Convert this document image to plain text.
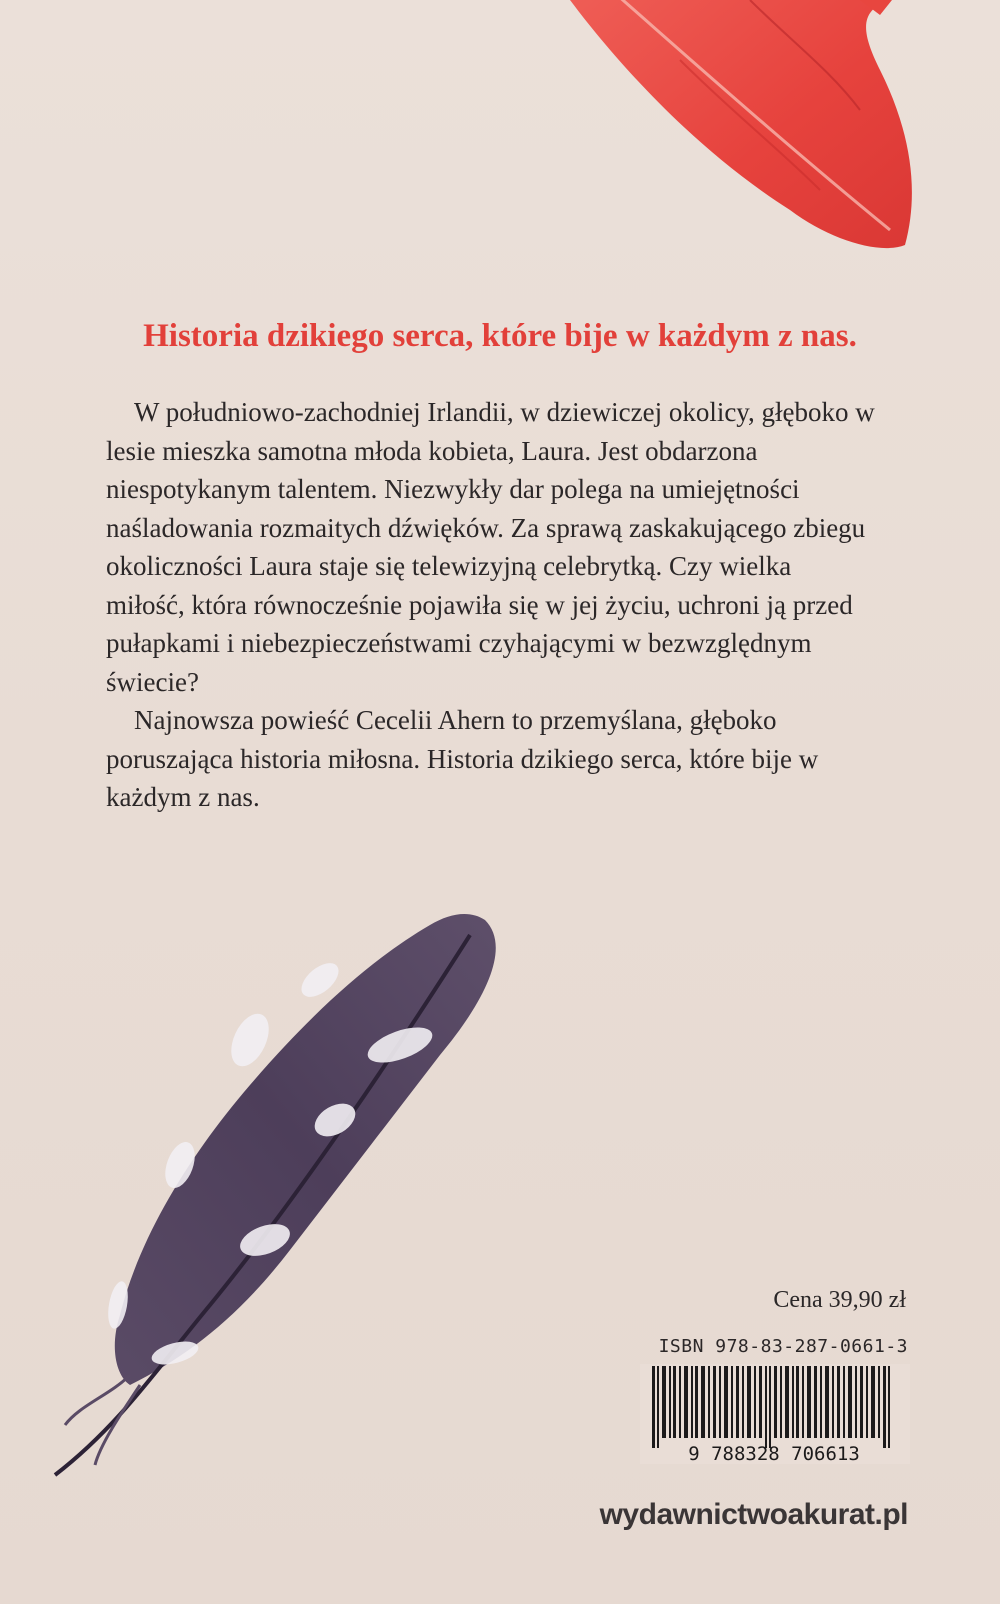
Historia dzikiego serca, które bije w każdym z nas.

W południowo-zachodniej Irlandii, w dziewiczej okolicy, głęboko w lesie mieszka samotna młoda kobieta, Laura. Jest obdarzona niespotykanym talentem. Niezwykły dar polega na umiejętności naśladowania rozmaitych dźwięków. Za sprawą zaskakującego zbiegu okoliczności Laura staje się telewizyjną celebrytką. Czy wielka miłość, która równocześnie pojawiła się w jej życiu, uchroni ją przed pułapkami i niebezpieczeństwami czyhającymi w bezwzględnym świecie?

Najnowsza powieść Cecelii Ahern to przemyślana, głęboko poruszająca historia miłosna. Historia dzikiego serca, które bije w każdym z nas.

Cena 39,90 zł
ISBN 978-83-287-0661-3
9 788328 706613
wydawnictwoakurat.pl
